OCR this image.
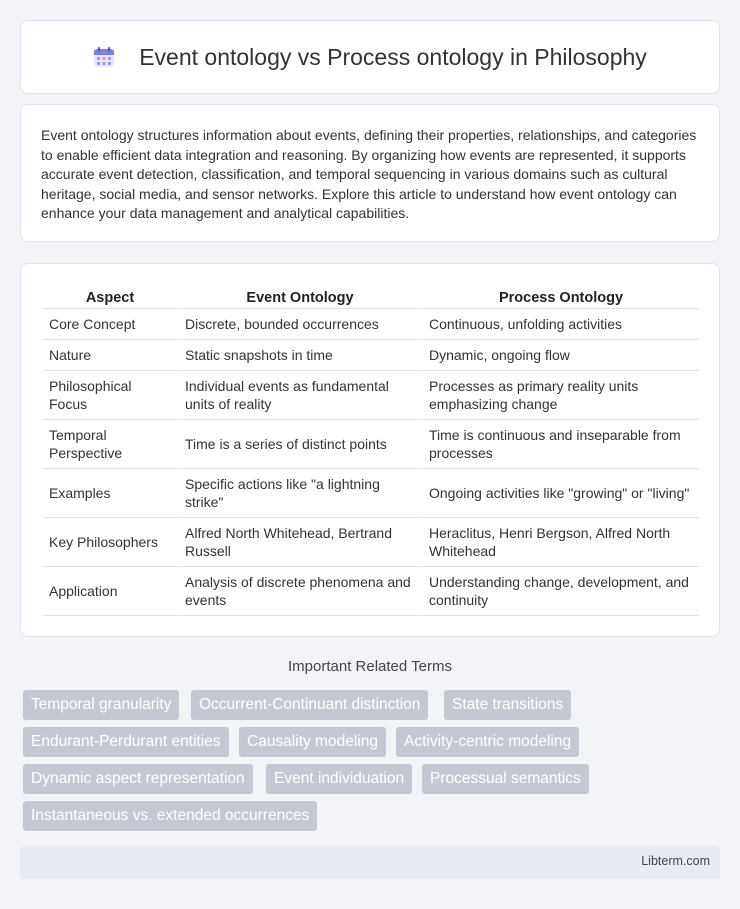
Event ontology vs Process ontology in Philosophy

Event ontology structures information about events, defining their properties, relationships, and categories to enable efficient data integration and reasoning. By organizing how events are represented, it supports accurate event detection, classification, and temporal sequencing in various domains such as cultural heritage, social media, and sensor networks. Explore this article to understand how event ontology can enhance your data management and analytical capabilities.

Aspect	Event Ontology	Process Ontology
Core Concept	Discrete, bounded occurrences	Continuous, unfolding activities
Nature	Static snapshots in time	Dynamic, ongoing flow
Philosophical Focus	Individual events as fundamental units of reality	Processes as primary reality units emphasizing change
Temporal Perspective	Time is a series of distinct points	Time is continuous and inseparable from processes
Examples	Specific actions like "a lightning strike"	Ongoing activities like "growing" or "living"
Key Philosophers	Alfred North Whitehead, Bertrand Russell	Heraclitus, Henri Bergson, Alfred North Whitehead
Application	Analysis of discrete phenomena and events	Understanding change, development, and continuity
Important Related Terms
Temporal granularity	Occurrent-Continuant distinction	State transitions
Endurant-Perdurant entities	Causality modeling	Activity-centric modeling
Dynamic aspect representation	Event individuation	Processual semantics
Instantaneous vs. extended occurrences
Libterm.com
